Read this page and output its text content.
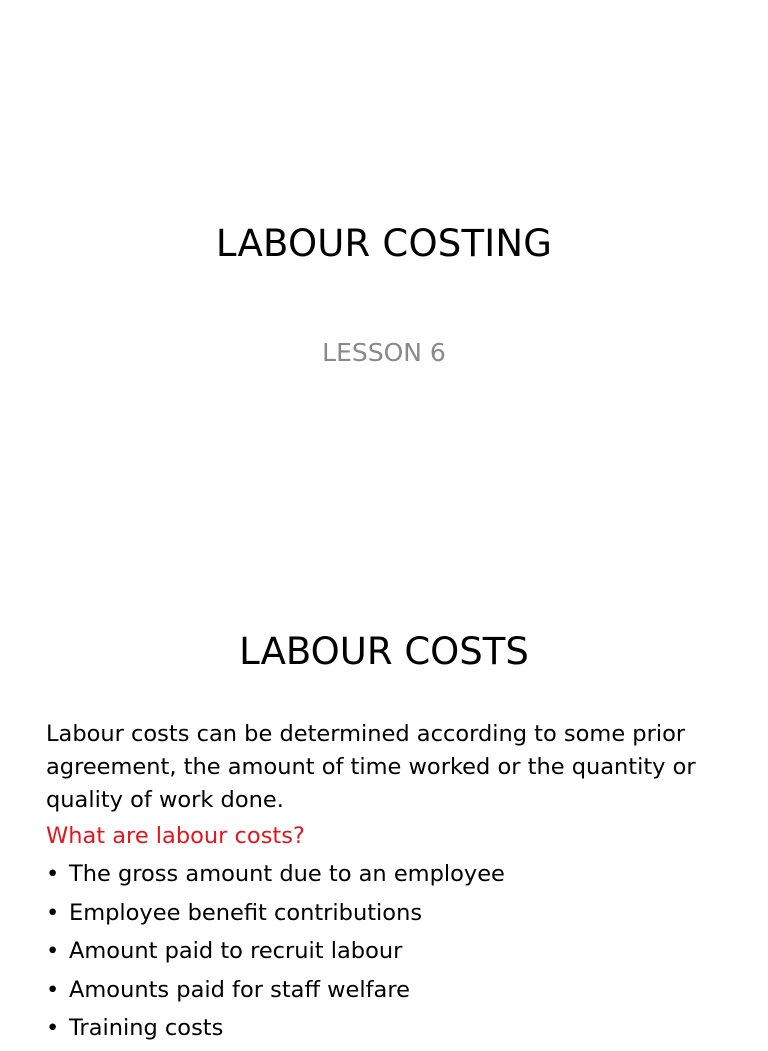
LABOUR COSTING
LESSON 6
LABOUR COSTS
Labour costs can be determined according to some prior agreement, the amount of time worked or the quantity or quality of work done.
What are labour costs?
• The gross amount due to an employee
• Employee benefit contributions
• Amount paid to recruit labour
• Amounts paid for staff welfare
• Training costs
